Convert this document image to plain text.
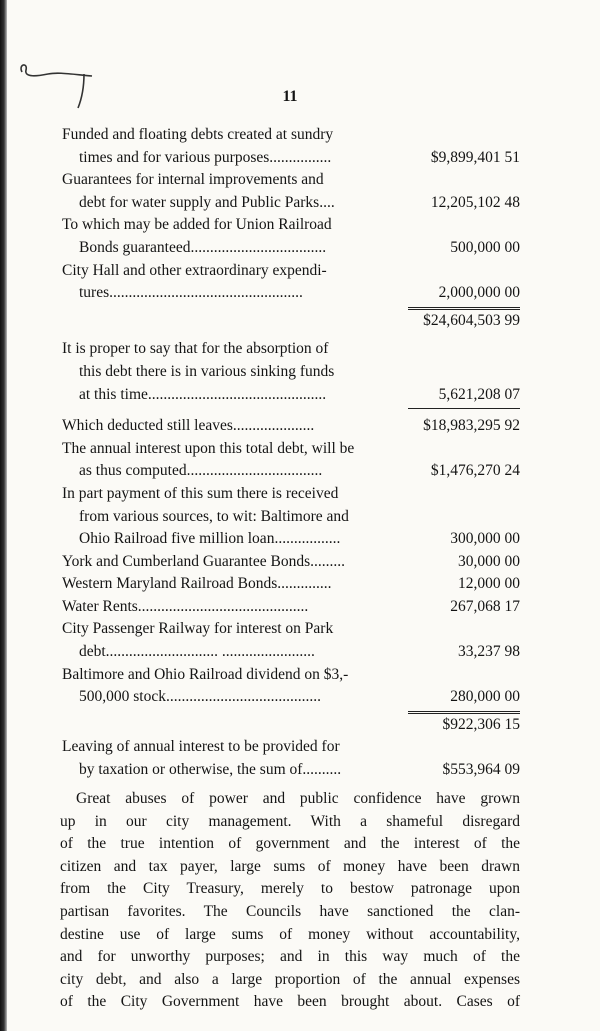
11
Funded and floating debts created at sundry
times and for various purposes................	$9,899,401 51
Guarantees for internal improvements and
debt for water supply and Public Parks....	12,205,102 48
To which may be added for Union Railroad
Bonds guaranteed...................................	500,000 00
City Hall and other extraordinary expendi-
tures..................................................	2,000,000 00
$24,604,503 99
It is proper to say that for the absorption of
this debt there is in various sinking funds
at this time..............................................	5,621,208 07
Which deducted still leaves.....................	$18,983,295 92
The annual interest upon this total debt, will be
as thus computed...................................	$1,476,270 24
In part payment of this sum there is received
from various sources, to wit: Baltimore and
Ohio Railroad five million loan.................	300,000 00
York and Cumberland Guarantee Bonds.........	30,000 00
Western Maryland Railroad Bonds..............	12,000 00
Water Rents............................................	267,068 17
City Passenger Railway for interest on Park
debt............................. ........................	33,237 98
Baltimore and Ohio Railroad dividend on $3,-
500,000 stock........................................	280,000 00
$922,306 15
Leaving of annual interest to be provided for
by taxation or otherwise, the sum of..........	$553,964 09
Great abuses of power and public confidence have grown
up in our city management. With a shameful disregard
of the true intention of government and the interest of the
citizen and tax payer, large sums of money have been drawn
from the City Treasury, merely to bestow patronage upon
partisan favorites. The Councils have sanctioned the clan-
destine use of large sums of money without accountability,
and for unworthy purposes; and in this way much of the
city debt, and also a large proportion of the annual expenses
of the City Government have been brought about. Cases of
